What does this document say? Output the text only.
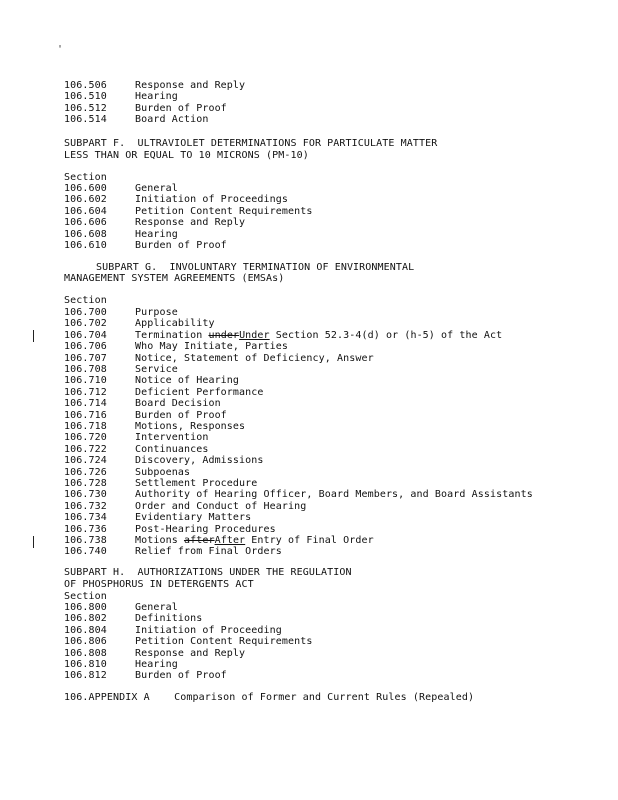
'
106.506	Response and Reply
106.510	Hearing
106.512	Burden of Proof
106.514	Board Action
SUBPART F.  ULTRAVIOLET DETERMINATIONS FOR PARTICULATE MATTER
LESS THAN OR EQUAL TO 10 MICRONS (PM-10)
Section
106.600	General
106.602	Initiation of Proceedings
106.604	Petition Content Requirements
106.606	Response and Reply
106.608	Hearing
106.610	Burden of Proof
SUBPART G.  INVOLUNTARY TERMINATION OF ENVIRONMENTAL
MANAGEMENT SYSTEM AGREEMENTS (EMSAs)
Section
106.700	Purpose
106.702	Applicability
106.704	Termination underUnder Section 52.3-4(d) or (h-5) of the Act
106.706	Who May Initiate, Parties
106.707	Notice, Statement of Deficiency, Answer
106.708	Service
106.710	Notice of Hearing
106.712	Deficient Performance
106.714	Board Decision
106.716	Burden of Proof
106.718	Motions, Responses
106.720	Intervention
106.722	Continuances
106.724	Discovery, Admissions
106.726	Subpoenas
106.728	Settlement Procedure
106.730	Authority of Hearing Officer, Board Members, and Board Assistants
106.732	Order and Conduct of Hearing
106.734	Evidentiary Matters
106.736	Post-Hearing Procedures
106.738	Motions afterAfter Entry of Final Order
106.740	Relief from Final Orders
SUBPART H.  AUTHORIZATIONS UNDER THE REGULATION
OF PHOSPHORUS IN DETERGENTS ACT
Section
106.800	General
106.802	Definitions
106.804	Initiation of Proceeding
106.806	Petition Content Requirements
106.808	Response and Reply
106.810	Hearing
106.812	Burden of Proof
106.APPENDIX A Comparison of Former and Current Rules (Repealed)
